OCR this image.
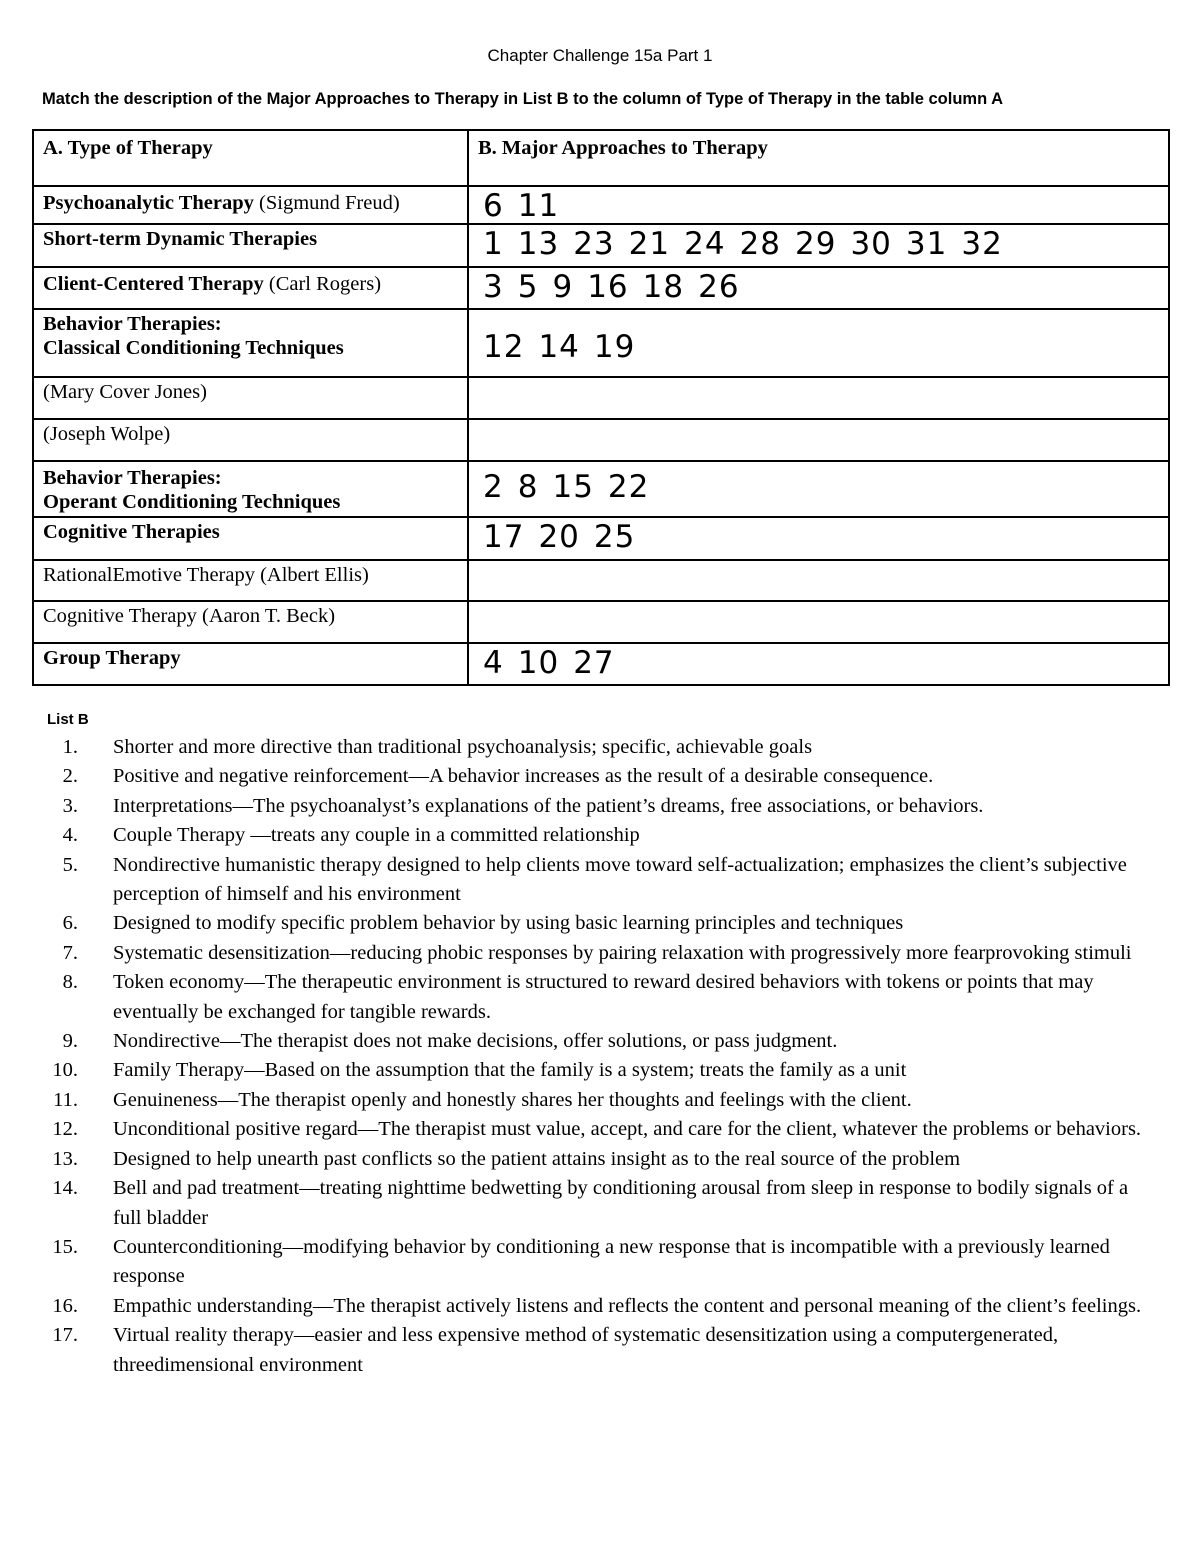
Chapter Challenge 15a Part 1
Match the description of the Major Approaches to Therapy in List B to the column of Type of Therapy in the table column A
A. Type of Therapy	B. Major Approaches to Therapy
Psychoanalytic Therapy (Sigmund Freud)	6 11
Short-term Dynamic Therapies	1 13 23 21 24 28 29 30 31 32
Client-Centered Therapy (Carl Rogers)	3 5 9 16 18 26
Behavior Therapies:
Classical Conditioning Techniques	12 14 19
(Mary Cover Jones)	
(Joseph Wolpe)	
Behavior Therapies:
Operant Conditioning Techniques	2 8 15 22
Cognitive Therapies	17 20 25
RationalEmotive Therapy (Albert Ellis)	
Cognitive Therapy (Aaron T. Beck)	
Group Therapy	4 10 27
List B
1. Shorter and more directive than traditional psychoanalysis; specific, achievable goals
2. Positive and negative reinforcement—A behavior increases as the result of a desirable consequence.
3. Interpretations—The psychoanalyst’s explanations of the patient’s dreams, free associations, or behaviors.
4. Couple Therapy —treats any couple in a committed relationship
5. Nondirective humanistic therapy designed to help clients move toward self-actualization; emphasizes the client’s subjective perception of himself and his environment
6. Designed to modify specific problem behavior by using basic learning principles and techniques
7. Systematic desensitization—reducing phobic responses by pairing relaxation with progressively more fearprovoking stimuli
8. Token economy—The therapeutic environment is structured to reward desired behaviors with tokens or points that may eventually be exchanged for tangible rewards.
9. Nondirective—The therapist does not make decisions, offer solutions, or pass judgment.
10. Family Therapy—Based on the assumption that the family is a system; treats the family as a unit
11. Genuineness—The therapist openly and honestly shares her thoughts and feelings with the client.
12. Unconditional positive regard—The therapist must value, accept, and care for the client, whatever the problems or behaviors.
13. Designed to help unearth past conflicts so the patient attains insight as to the real source of the problem
14. Bell and pad treatment—treating nighttime bedwetting by conditioning arousal from sleep in response to bodily signals of a full bladder
15. Counterconditioning—modifying behavior by conditioning a new response that is incompatible with a previously learned response
16. Empathic understanding—The therapist actively listens and reflects the content and personal meaning of the client’s feelings.
17. Virtual reality therapy—easier and less expensive method of systematic desensitization using a computergenerated, threedimensional environment
